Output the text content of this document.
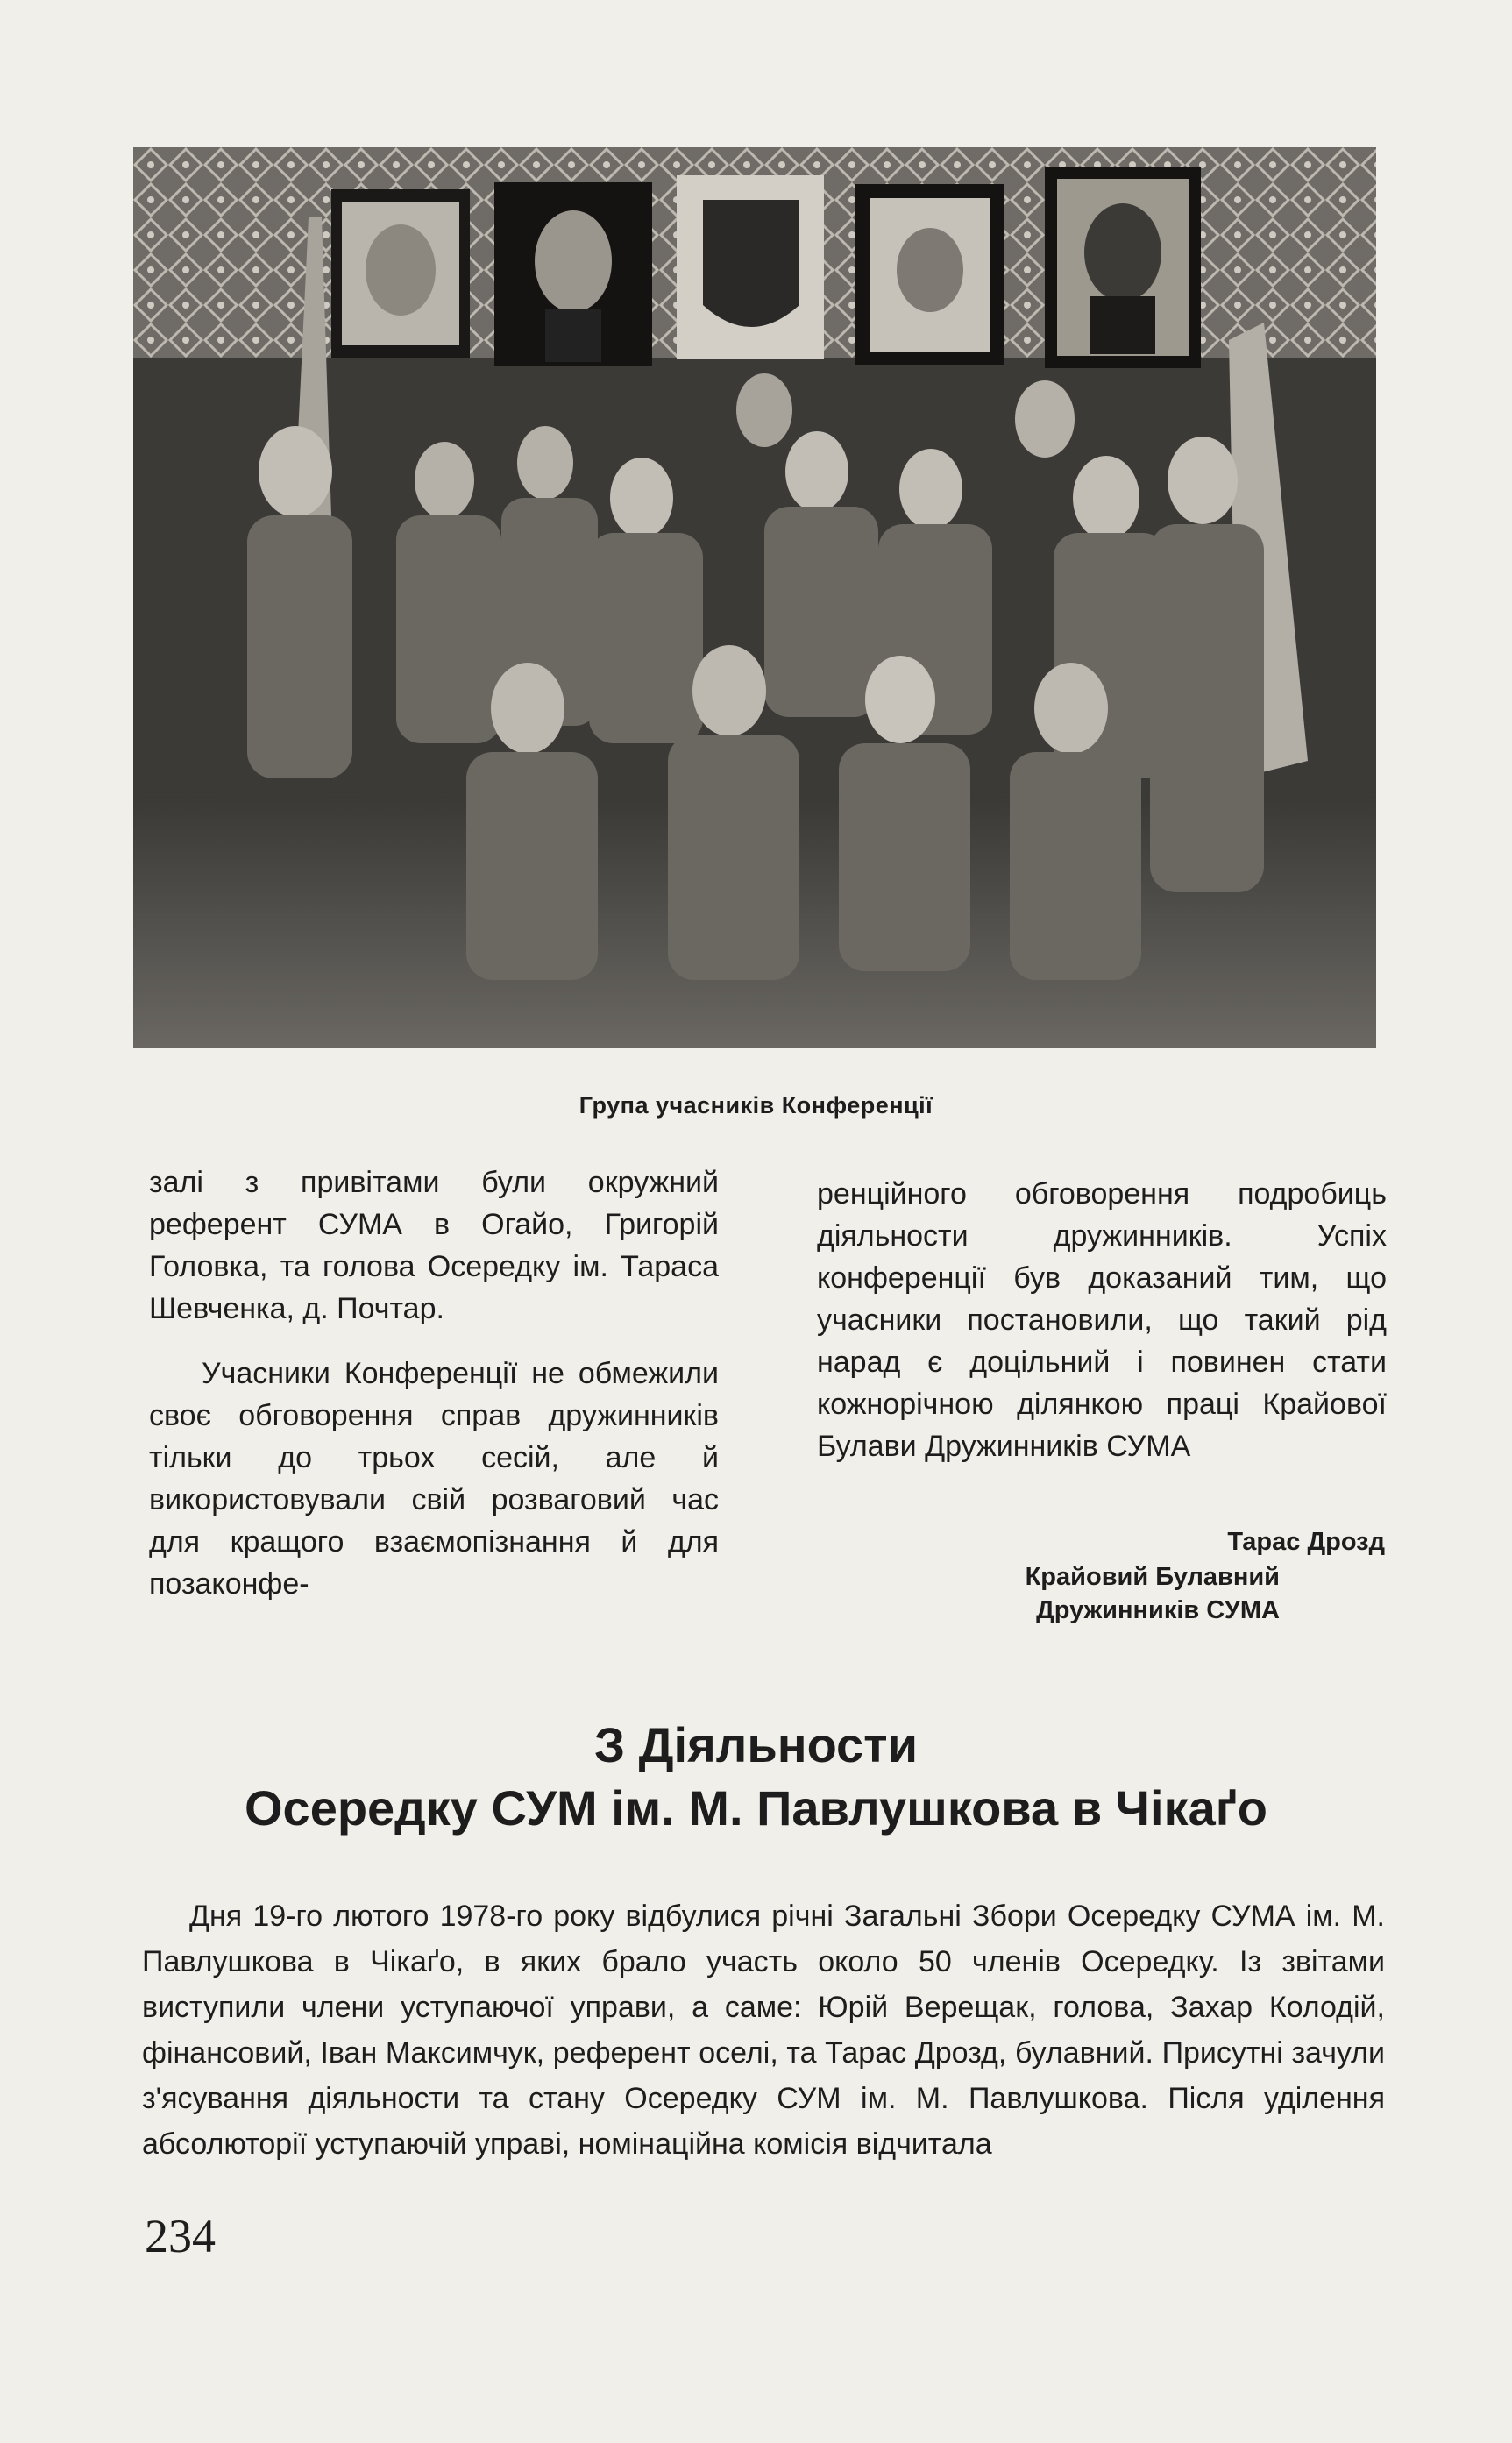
Група учасників Конференції

залі з привітами були окружний референт СУМА в Огайо, Григорій Головка, та голова Осередку ім. Тараса Шевченка, д. Почтар.

Учасники Конференції не обмежили своє обговорення справ дружинників тільки до трьох сесій, але й використовували свій розваговий час для кращого взаємопізнання й для позаконфе-

ренційного обговорення подробиць діяльности дружинників. Успіх конференції був доказаний тим, що учасники постановили, що такий рід нарад є доцільний і повинен стати кожнорічною ділянкою праці Крайової Булави Дружинників СУМА

Тарас Дрозд
Крайовий Булавний
Дружинників СУМА
З Діяльности
Осередку СУМ ім. М. Павлушкова в Чікаґо

Дня 19-го лютого 1978-го року відбулися річні Загальні Збори Осередку СУМА ім. М. Павлушкова в Чікаґо, в яких брало участь около 50 членів Осередку. Із звітами виступили члени уступаючої управи, а саме: Юрій Верещак, голова, Захар Колодій, фінансовий, Іван Максимчук, референт оселі, та Тарас Дрозд, булавний. Присутні зачули з'ясування діяльности та стану Осередку СУМ ім. М. Павлушкова. Після уділення абсолюторії уступаючій управі, номінаційна комісія відчитала

234
